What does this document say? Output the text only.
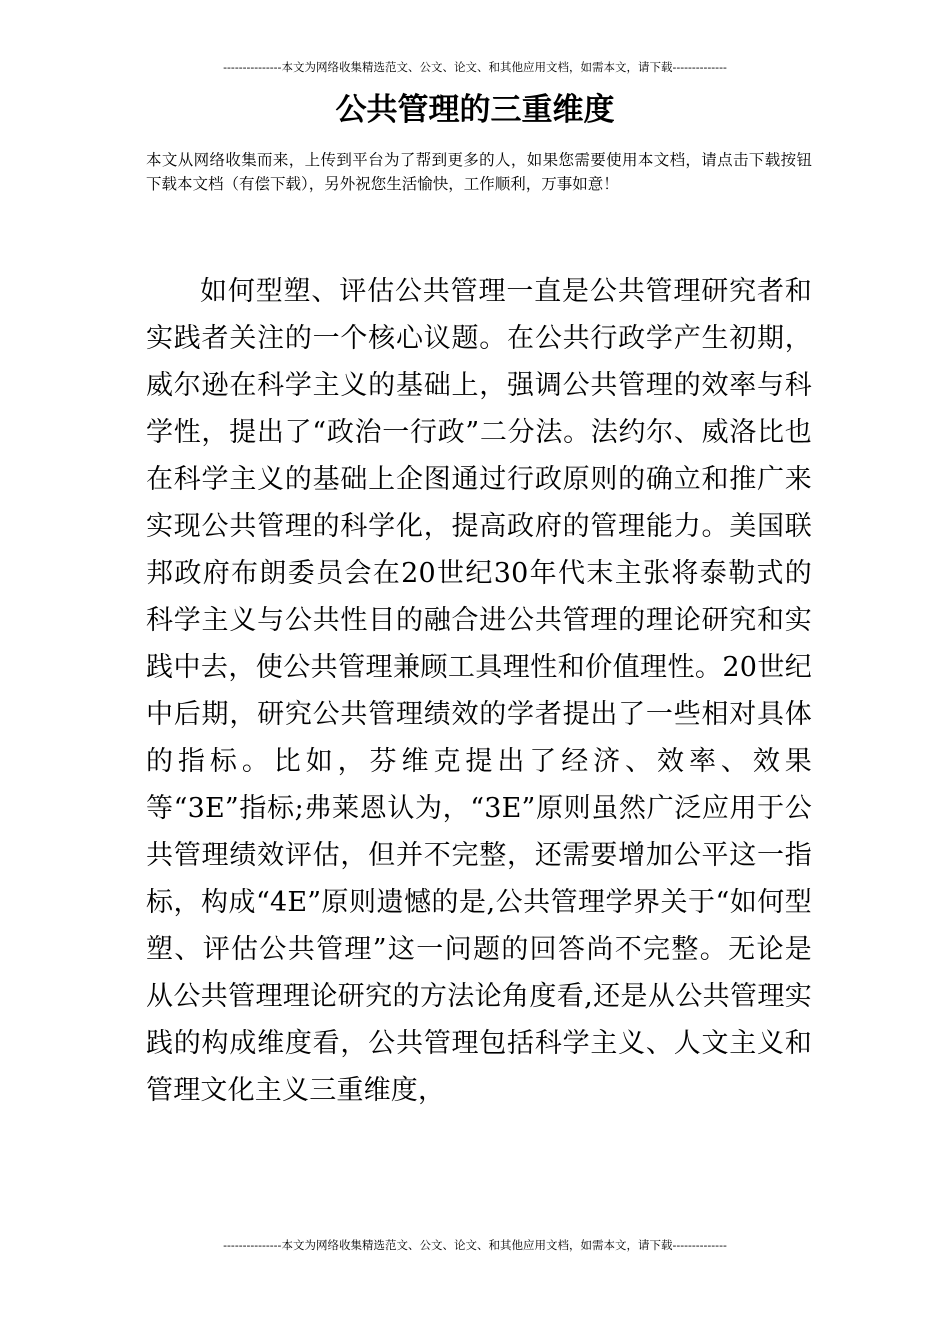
---------------本文为网络收集精选范文、公文、论文、和其他应用文档，如需本文，请下载--------------
公共管理的三重维度

本文从网络收集而来，上传到平台为了帮到更多的人，如果您需要使用本文档，请点击下载按钮下载本文档（有偿下载），另外祝您生活愉快，工作顺利，万事如意！

如何型塑、评估公共管理一直是公共管理研究者和实践者关注的一个核心议题。在公共行政学产生初期，威尔逊在科学主义的基础上，强调公共管理的效率与科学性，提出了“政治一行政”二分法。法约尔、威洛比也在科学主义的基础上企图通过行政原则的确立和推广来实现公共管理的科学化，提高政府的管理能力。美国联邦政府布朗委员会在20世纪30年代末主张将泰勒式的科学主义与公共性目的融合进公共管理的理论研究和实践中去，使公共管理兼顾工具理性和价值理性。20世纪中后期，研究公共管理绩效的学者提出了一些相对具体的指标。比如，芬维克提出了经济、效率、效果等“3E”指标;弗莱恩认为，“3E”原则虽然广泛应用于公共管理绩效评估，但并不完整，还需要增加公平这一指标，构成“4E”原则遗憾的是,公共管理学界关于“如何型塑、评估公共管理”这一问题的回答尚不完整。无论是从公共管理理论研究的方法论角度看,还是从公共管理实践的构成维度看，公共管理包括科学主义、人文主义和管理文化主义三重维度，

---------------本文为网络收集精选范文、公文、论文、和其他应用文档，如需本文，请下载--------------
